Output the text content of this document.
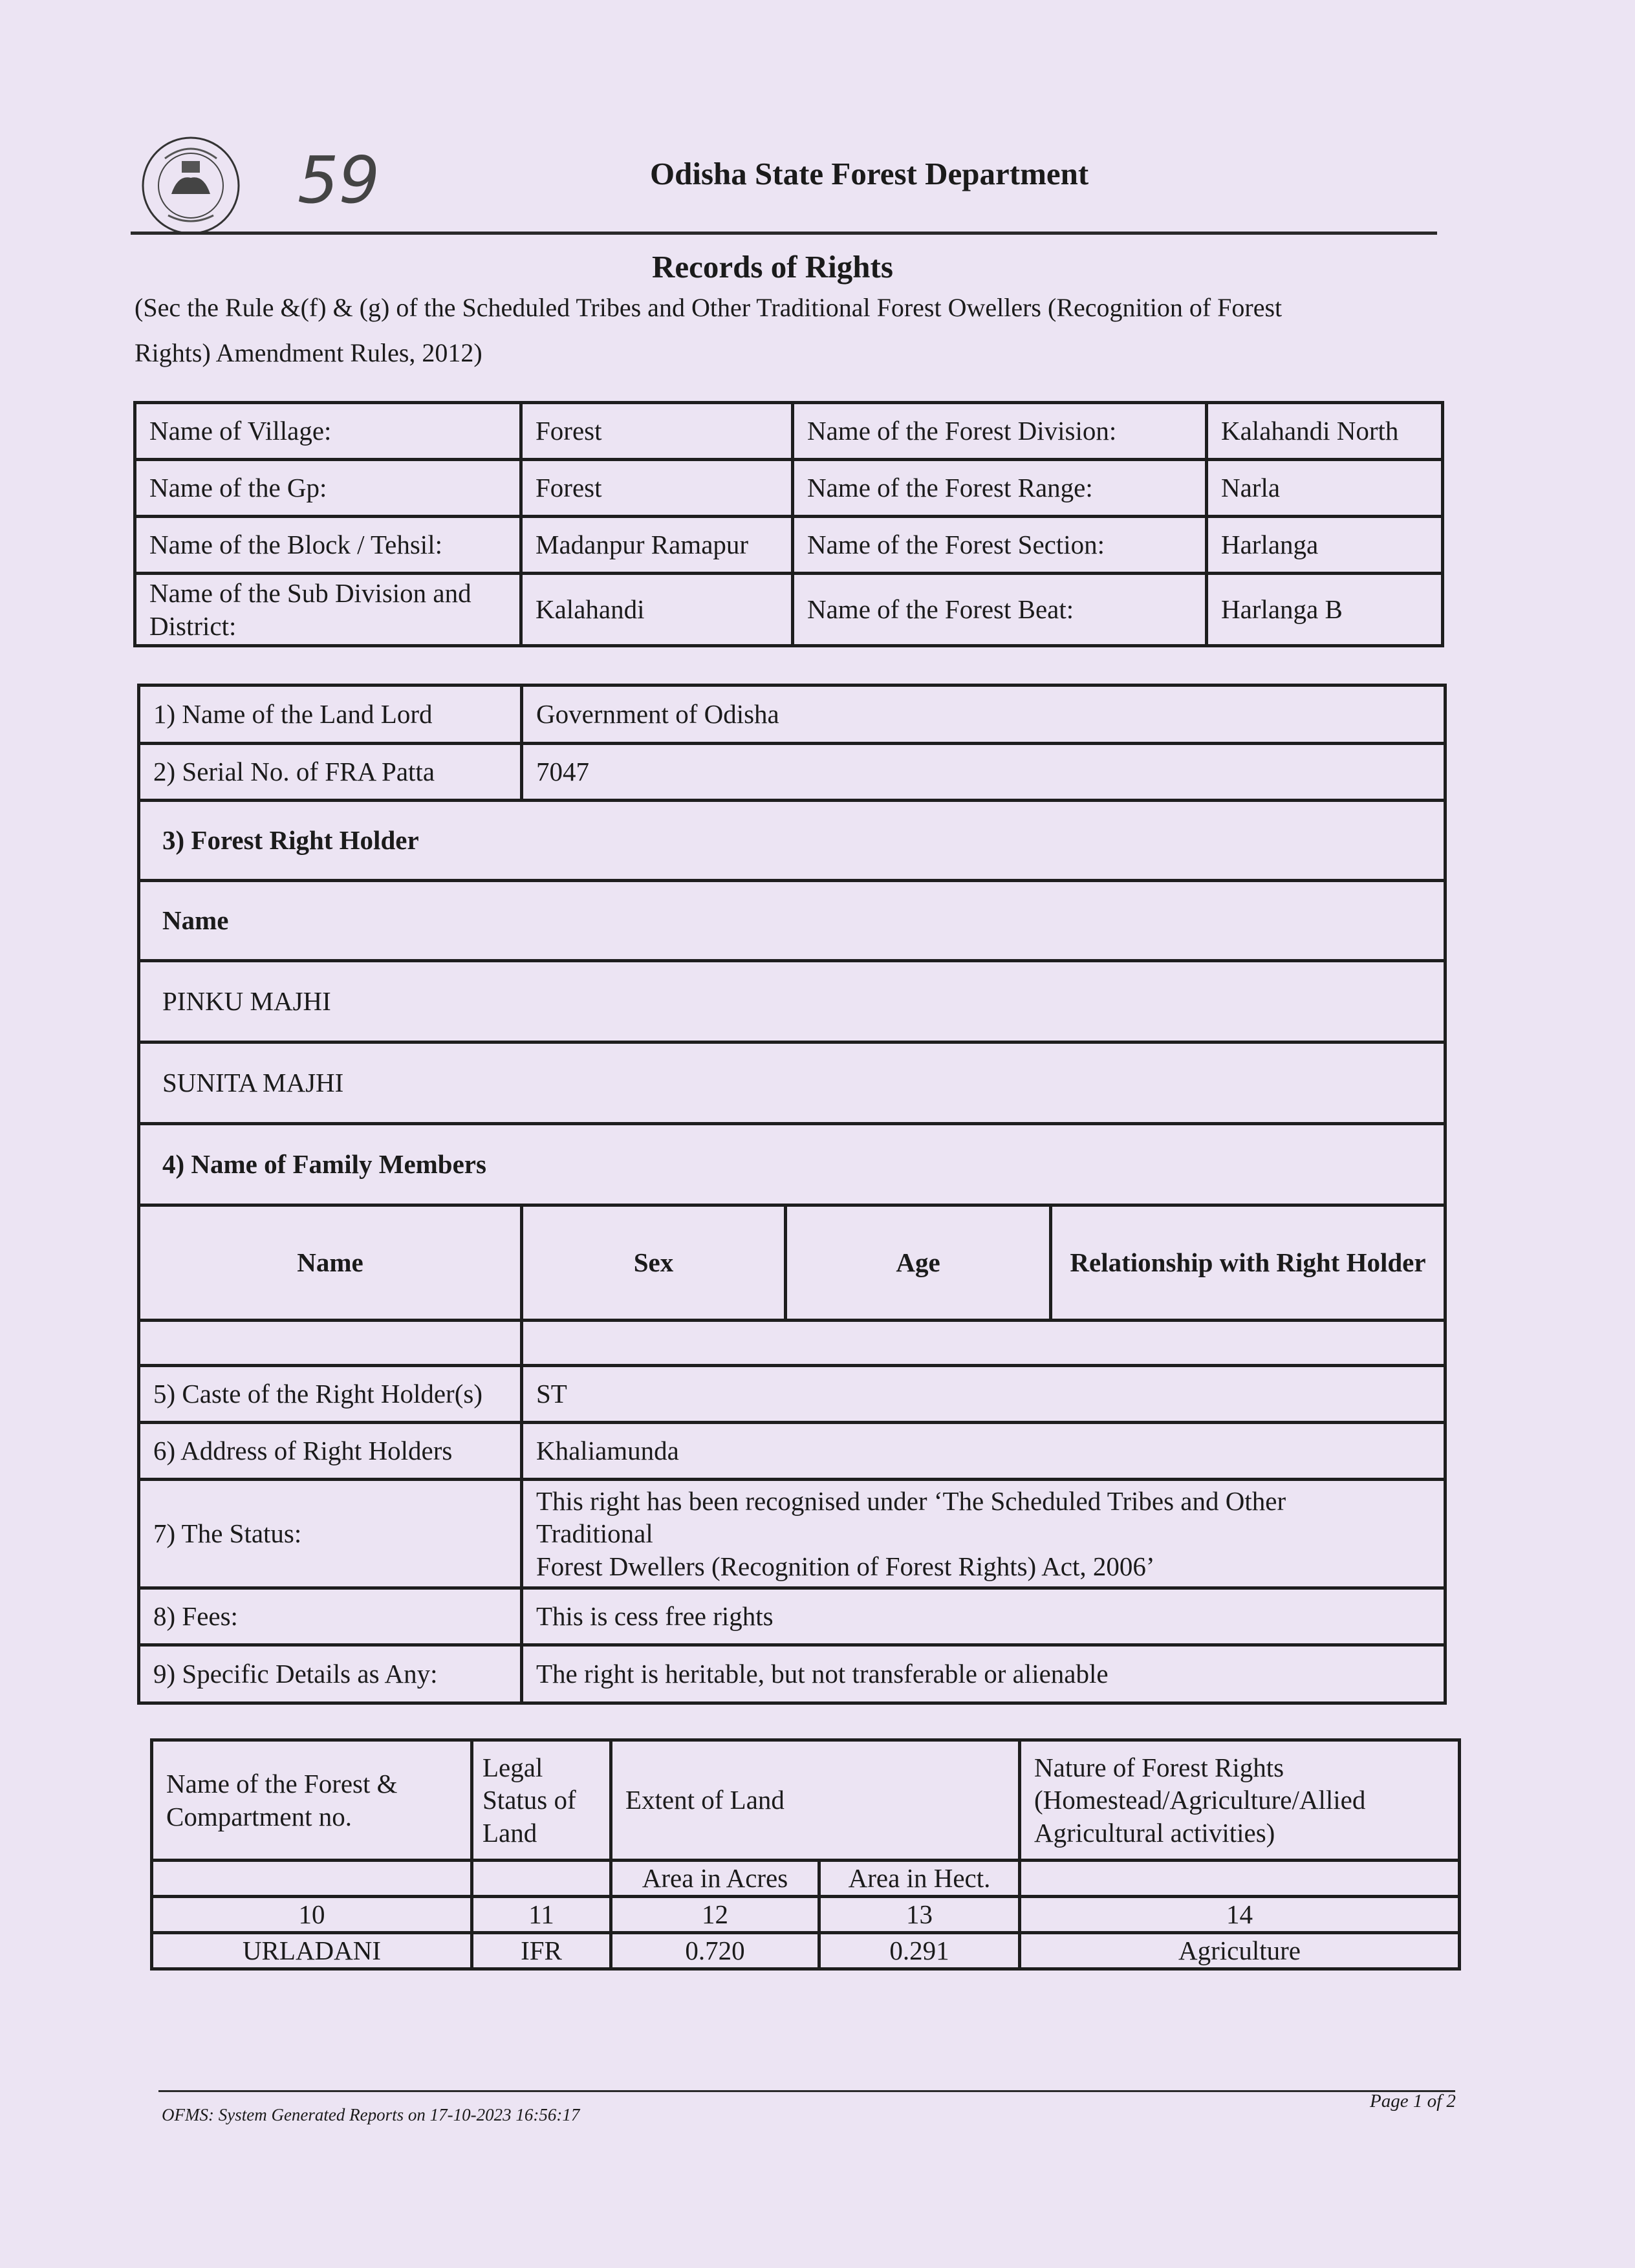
59	Odisha State Forest Department
Records of Rights
(Sec the Rule &(f) & (g) of the Scheduled Tribes and Other Traditional Forest Owellers (Recognition of Forest
Rights) Amendment Rules, 2012)
Name of Village:	Forest	Name of the Forest Division:	Kalahandi North
Name of the Gp:	Forest	Name of the Forest Range:	Narla
Name of the Block / Tehsil:	Madanpur Ramapur	Name of the Forest Section:	Harlanga
Name of the Sub Division and District:	Kalahandi	Name of the Forest Beat:	Harlanga B
1) Name of the Land Lord	Government of Odisha		
2) Serial No. of FRA Patta	7047		
3) Forest Right Holder			
Name			
PINKU MAJHI			
SUNITA MAJHI			
4) Name of Family Members			
Name	Sex	Age	Relationship with Right Holder

5) Caste of the Right Holder(s)	ST		
6) Address of Right Holders	Khaliamunda		
7) The Status:	This right has been recognised under ‘The Scheduled Tribes and Other
Traditional
Forest Dwellers (Recognition of Forest Rights) Act, 2006’		

8) Fees:	This is cess free rights		
9) Specific Details as Any:	The right is heritable, but not transferable or alienable		
Name of the Forest & Compartment no.	Legal Status of Land	Extent of Land		Nature of Forest Rights (Homestead/Agriculture/Allied Agricultural activities)
		Area in Acres	Area in Hect.	
10	11	12	13	14
URLADANI	IFR	0.720	0.291	Agriculture
OFMS: System Generated Reports on 17-10-2023 16:56:17
Page 1 of 2
